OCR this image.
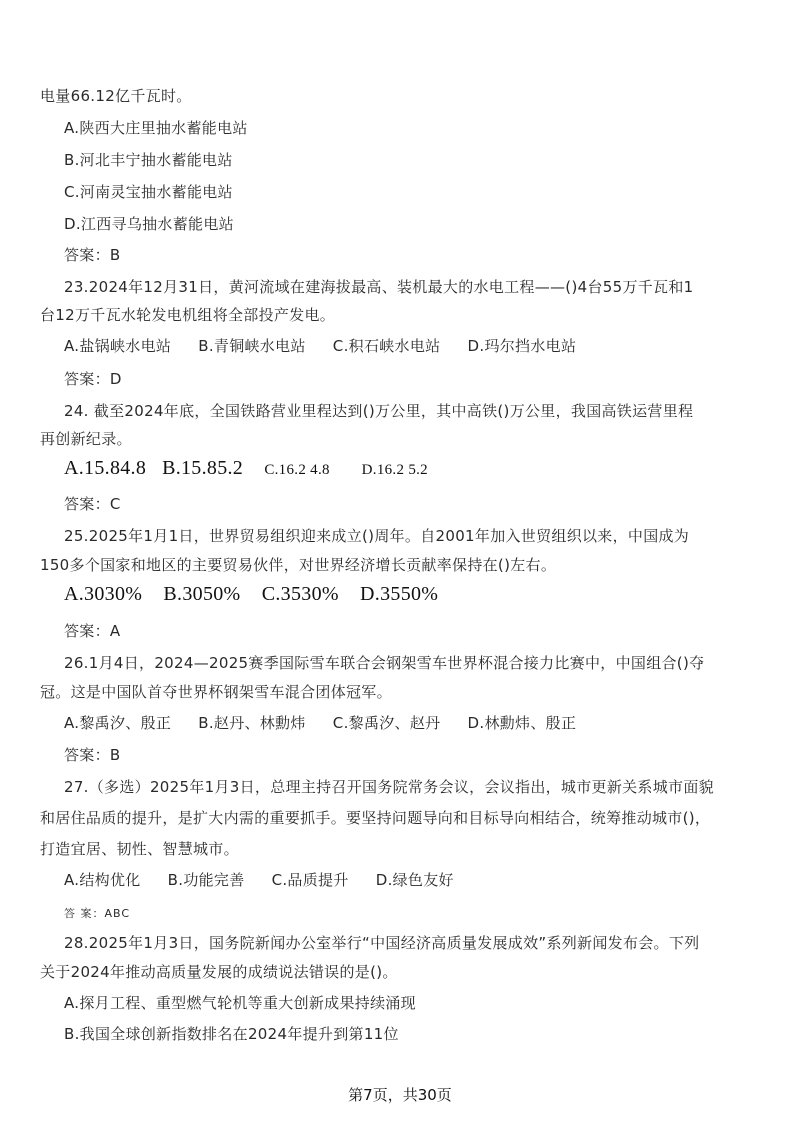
电量66.12亿千瓦时。
A.陕西大庄里抽水蓄能电站
B.河北丰宁抽水蓄能电站
C.河南灵宝抽水蓄能电站
D.江西寻乌抽水蓄能电站
答案：B
23.2024年12月31日，黄河流域在建海拔最高、装机最大的水电工程——()4台55万千瓦和1
台12万千瓦水轮发电机组将全部投产发电。
A.盐锅峡水电站 B.青铜峡水电站 C.积石峡水电站 D.玛尔挡水电站
答案：D
24. 截至2024年底，全国铁路营业里程达到()万公里，其中高铁()万公里，我国高铁运营里程
再创新纪录。
A.15.84.8 B.15.85.2 C.16.2 4.8 D.16.2 5.2
答案：C
25.2025年1月1日，世界贸易组织迎来成立()周年。自2001年加入世贸组织以来，中国成为
150多个国家和地区的主要贸易伙伴，对世界经济增长贡献率保持在()左右。
A.3030% B.3050% C.3530% D.3550%
答案：A
26.1月4日，2024—2025赛季国际雪车联合会钢架雪车世界杯混合接力比赛中，中国组合()夺
冠。这是中国队首夺世界杯钢架雪车混合团体冠军。
A.黎禹汐、殷正 B.赵丹、林勳炜 C.黎禹汐、赵丹 D.林勳炜、殷正
答案：B
27.（多选）2025年1月3日，总理主持召开国务院常务会议，会议指出，城市更新关系城市面貌
和居住品质的提升，是扩大内需的重要抓手。要坚持问题导向和目标导向相结合，统筹推动城市()，
打造宜居、韧性、智慧城市。
A.结构优化 B.功能完善 C.品质提升 D.绿色友好
答 案：ABC
28.2025年1月3日，国务院新闻办公室举行“中国经济高质量发展成效”系列新闻发布会。下列
关于2024年推动高质量发展的成绩说法错误的是()。
A.探月工程、重型燃气轮机等重大创新成果持续涌现
B.我国全球创新指数排名在2024年提升到第11位
第7页，共30页
